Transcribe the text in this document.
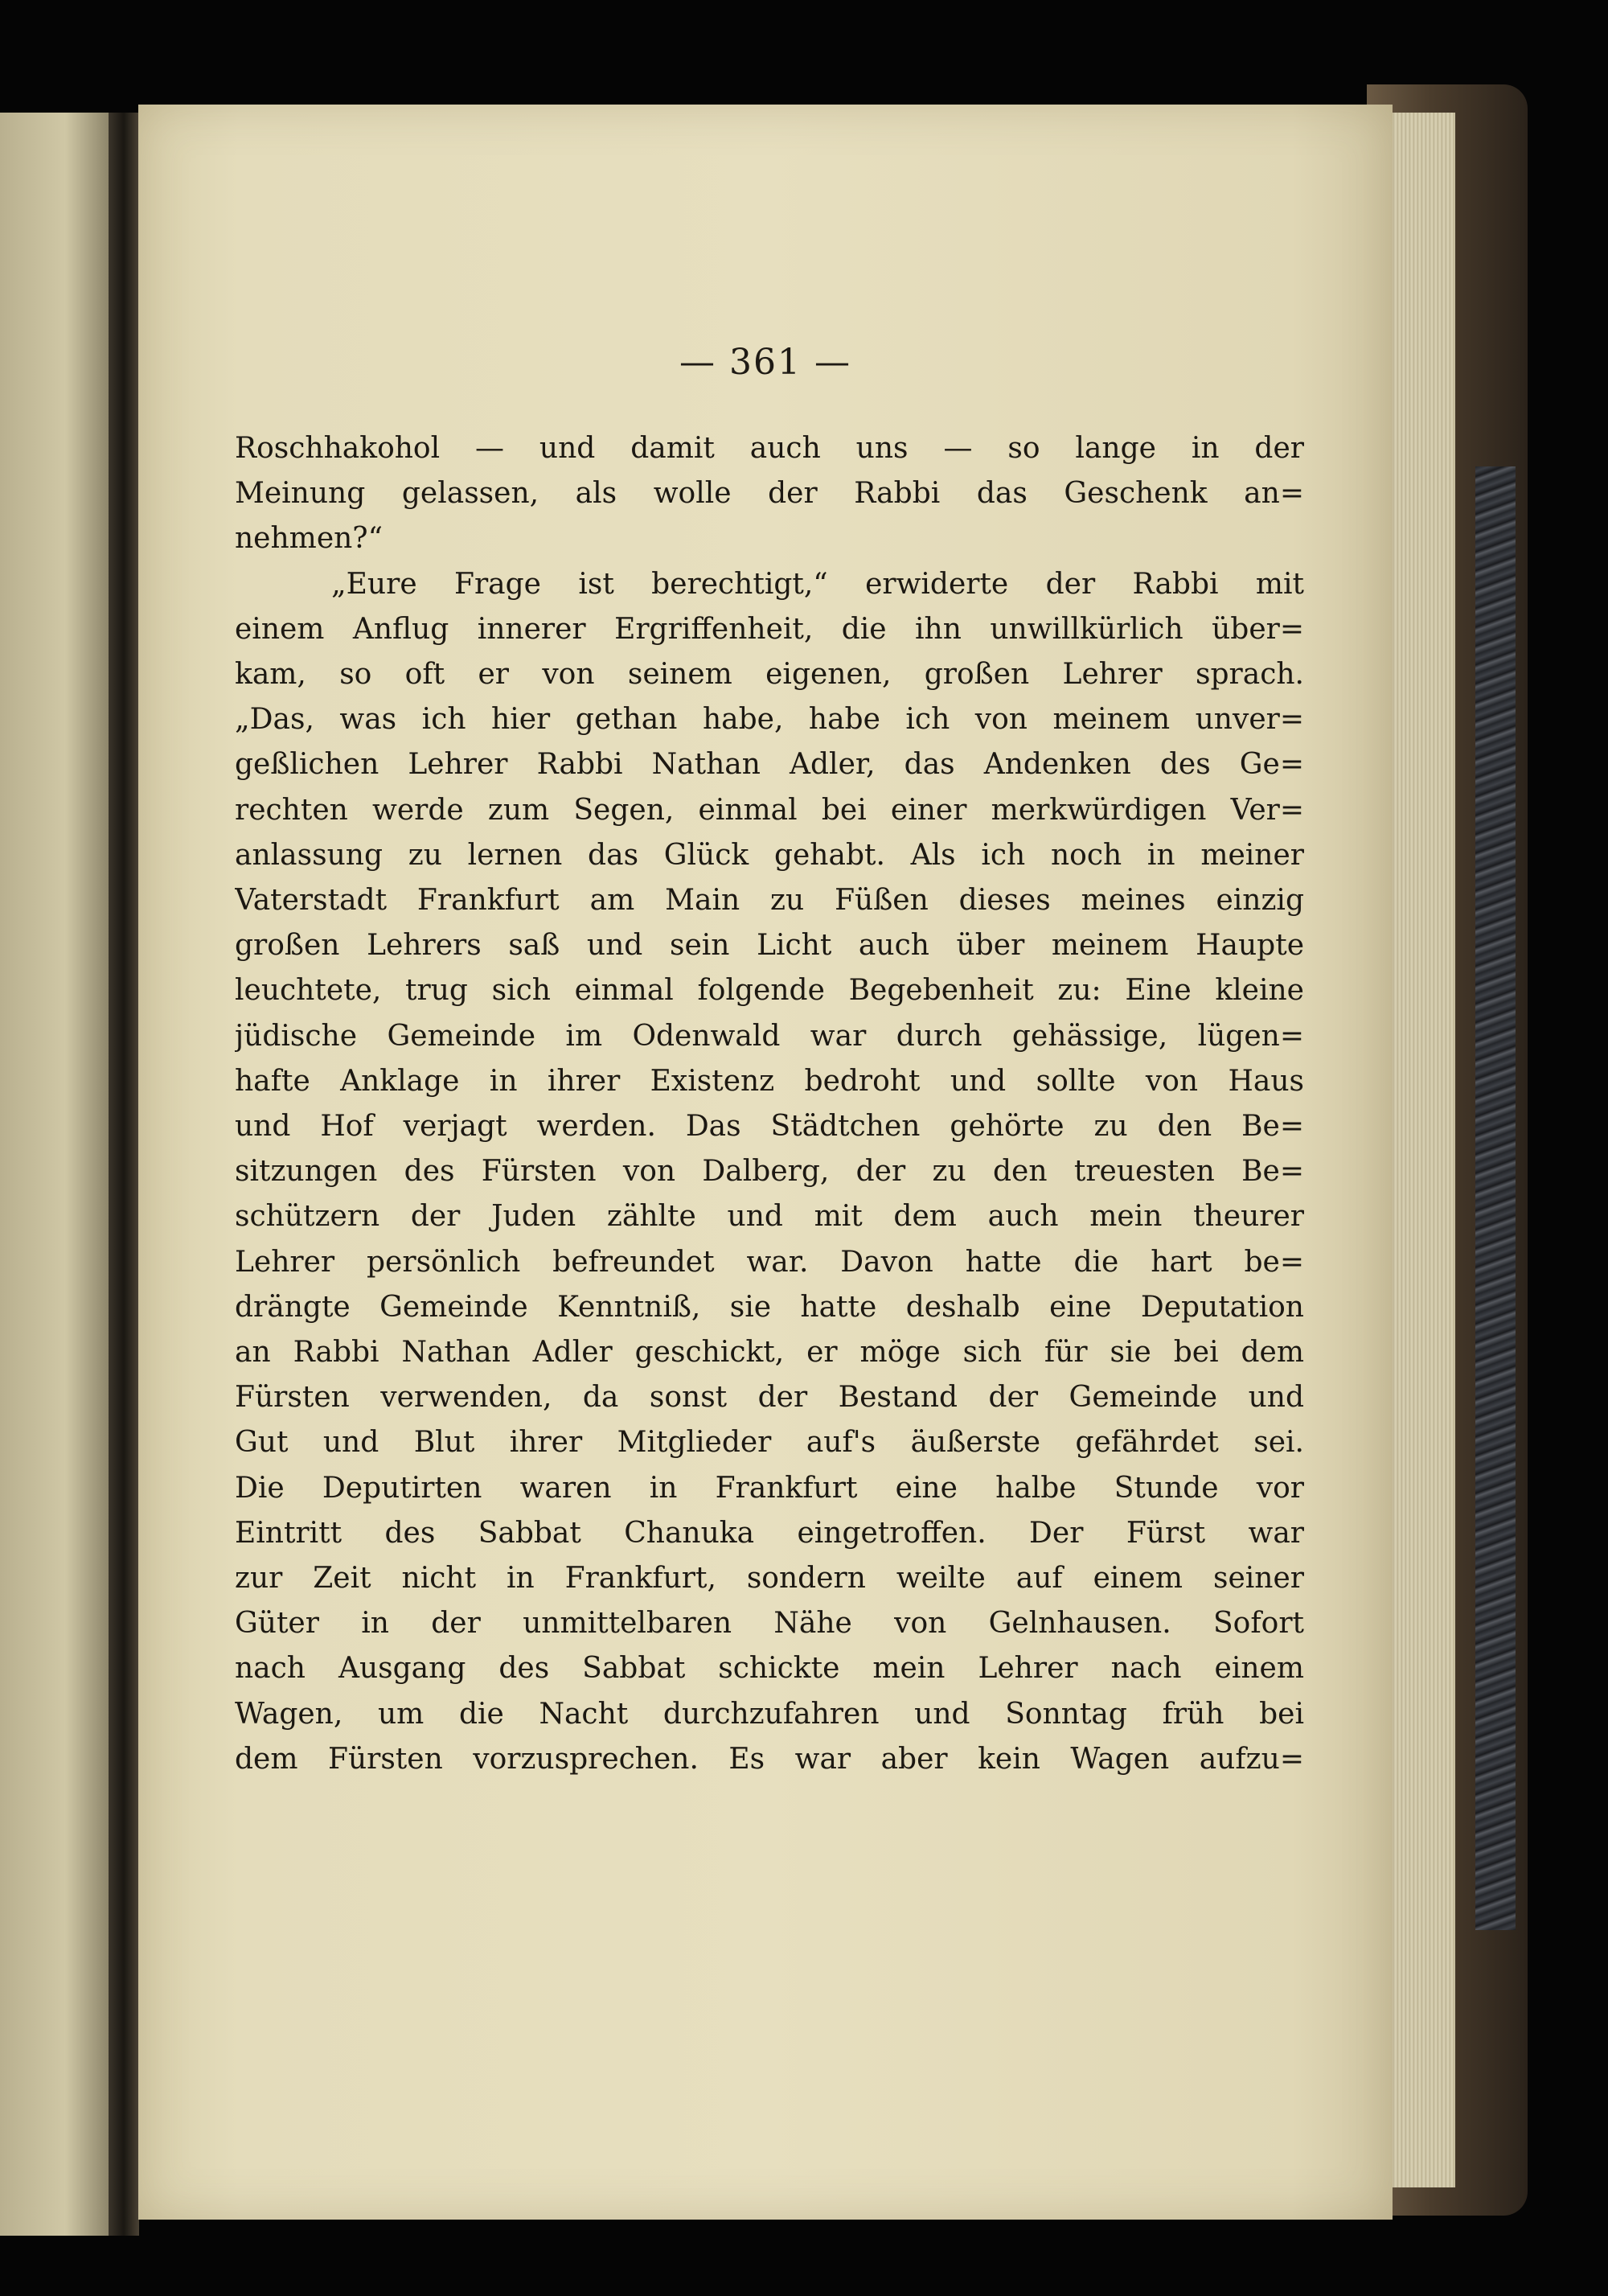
— 361 —
Roschhakohol — und damit auch uns — so lange in der
Meinung gelassen, als wolle der Rabbi das Geschenk an=
nehmen?“
„Eure Frage ist berechtigt,“ erwiderte der Rabbi mit
einem Anflug innerer Ergriffenheit, die ihn unwillkürlich über=
kam, so oft er von seinem eigenen, großen Lehrer sprach.
„Das, was ich hier gethan habe, habe ich von meinem unver=
geßlichen Lehrer Rabbi Nathan Adler, das Andenken des Ge=
rechten werde zum Segen, einmal bei einer merkwürdigen Ver=
anlassung zu lernen das Glück gehabt. Als ich noch in meiner
Vaterstadt Frankfurt am Main zu Füßen dieses meines einzig
großen Lehrers saß und sein Licht auch über meinem Haupte
leuchtete, trug sich einmal folgende Begebenheit zu: Eine kleine
jüdische Gemeinde im Odenwald war durch gehässige, lügen=
hafte Anklage in ihrer Existenz bedroht und sollte von Haus
und Hof verjagt werden. Das Städtchen gehörte zu den Be=
sitzungen des Fürsten von Dalberg, der zu den treuesten Be=
schützern der Juden zählte und mit dem auch mein theurer
Lehrer persönlich befreundet war. Davon hatte die hart be=
drängte Gemeinde Kenntniß, sie hatte deshalb eine Deputation
an Rabbi Nathan Adler geschickt, er möge sich für sie bei dem
Fürsten verwenden, da sonst der Bestand der Gemeinde und
Gut und Blut ihrer Mitglieder auf's äußerste gefährdet sei.
Die Deputirten waren in Frankfurt eine halbe Stunde vor
Eintritt des Sabbat Chanuka eingetroffen. Der Fürst war
zur Zeit nicht in Frankfurt, sondern weilte auf einem seiner
Güter in der unmittelbaren Nähe von Gelnhausen. Sofort
nach Ausgang des Sabbat schickte mein Lehrer nach einem
Wagen, um die Nacht durchzufahren und Sonntag früh bei
dem Fürsten vorzusprechen. Es war aber kein Wagen aufzu=
